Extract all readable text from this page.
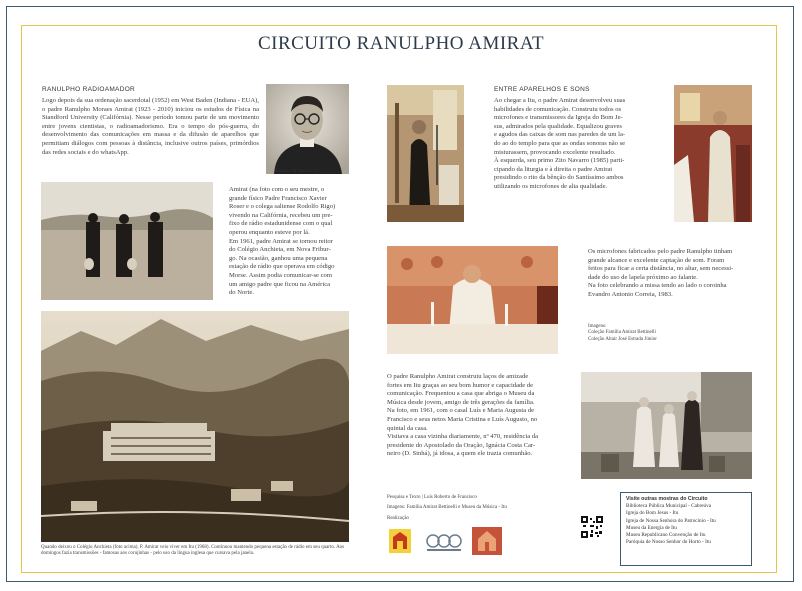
CIRCUITO RANULPHO AMIRAT
RANULPHO RADIOAMADOR
Logo depois da sua ordenação sacerdotal (1952) em West Baden (Indiana - EUA), o padre Ranulpho Moraes Amirat (1923 - 2010) iniciou os estudos de Física na Standford University (Califórnia). Nesse período tomou parte de um movimento entre jovens cientistas, o radioamadorismo. Era o tempo do pós-guerra, do desenvolvimento das comunicações em massa e da difusão de aparelhos que permitiam diálogos com pessoas à distância, inclusive outros países, primórdios das redes sociais e do whatsApp.
Ranulpho M. Amirat, S.J.

Amirat (na foto com o seu mestre, o

grande físico Padre Francisco Xavier

Roser e o colega saltense Rodolfo Rigo)

vivendo na Califórnia, recebeu um pre-

fixo de rádio estadunidense com o qual

operou enquanto esteve por lá.

Em 1961, padre Amirat se tornou reitor

do Colégio Anchieta, em Nova Fribur-

go. Na ocasião, ganhou uma pequena

estação de rádio que operava em código

Morse. Assim podia comunicar-se com

um amigo padre que ficou na América

do Norte.

Quando deixou o Colégio Anchieta (foto acima), P. Amirat veio viver em Itu (1968). Continuou mantendo pequena estação de rádio em seu quarto. Aos domingos fazia transmissões - famosas aos corujinhas - pelo uso da língua inglesa que cursava pela janela.
ENTRE APARELHOS E SONS

Ao chegar a Itu, o padre Amirat desenvolveu suas

habilidades de comunicação. Construiu todos os

microfones e transmissores da Igreja do Bom Je-

sus, admirados pela qualidade. Equalizou graves

e agudos das caixas de som nas paredes de um la-

do ao do templo para que as ondas sonoras não se

misturassem, provocando excelente resultado.

À esquerda, seu primo Zito Navarro (1985) parti-

cipando da liturgia e à direita o padre Amirat

presidindo o rito da bênção do Santíssimo ambos

utilizando os microfones de alta qualidade.

Os microfones fabricados pelo padre Ranulpho tinham

grande alcance e excelente captação de som. Foram

feitos para ficar a certa distância, no altar, sem necessi-

dade do uso de lapela próximo ao falante.

Na foto celebrando a missa tendo ao lado o coroinha

Evandro Antonio Correia, 1983.

Imagens:
Coleção Família Amirat Bettinelli
Coleção Altair José Estrada Júnior

O padre Ranulpho Amirat construiu laços de amizade

fortes em Itu graças ao seu bom humor e capacidade de

comunicação. Frequentou a casa que abriga o Museu da

Música desde jovem, amigo de três gerações da família.

Na foto, em 1961, com o casal Luís e Maria Augusta de

Francisco e seus netos Maria Cristina e Luís Augusto, no

quintal da casa.

Visitava a casa vizinha diariamente, nº 470, residência da

presidente do Apostolado da Oração, Ignácia Costa Car-

neiro (D. Sinhá), já idosa, a quem ele trazia comunhão.

Pesquisa e Texto | Luís Roberto de Francisco
Imagens: Família Amirat Bettinelli e Museu da Música - Itu
Realização
Visite outras mostras do Circuito
Biblioteca Pública Municipal - Cabreúva
Igreja do Bom Jesus - Itu
Igreja de Nossa Senhora do Patrocínio - Itu
Museu da Energia de Itu
Museu Republicano Convenção de Itu
Paróquia de Nosso Senhor do Horto - Itu
